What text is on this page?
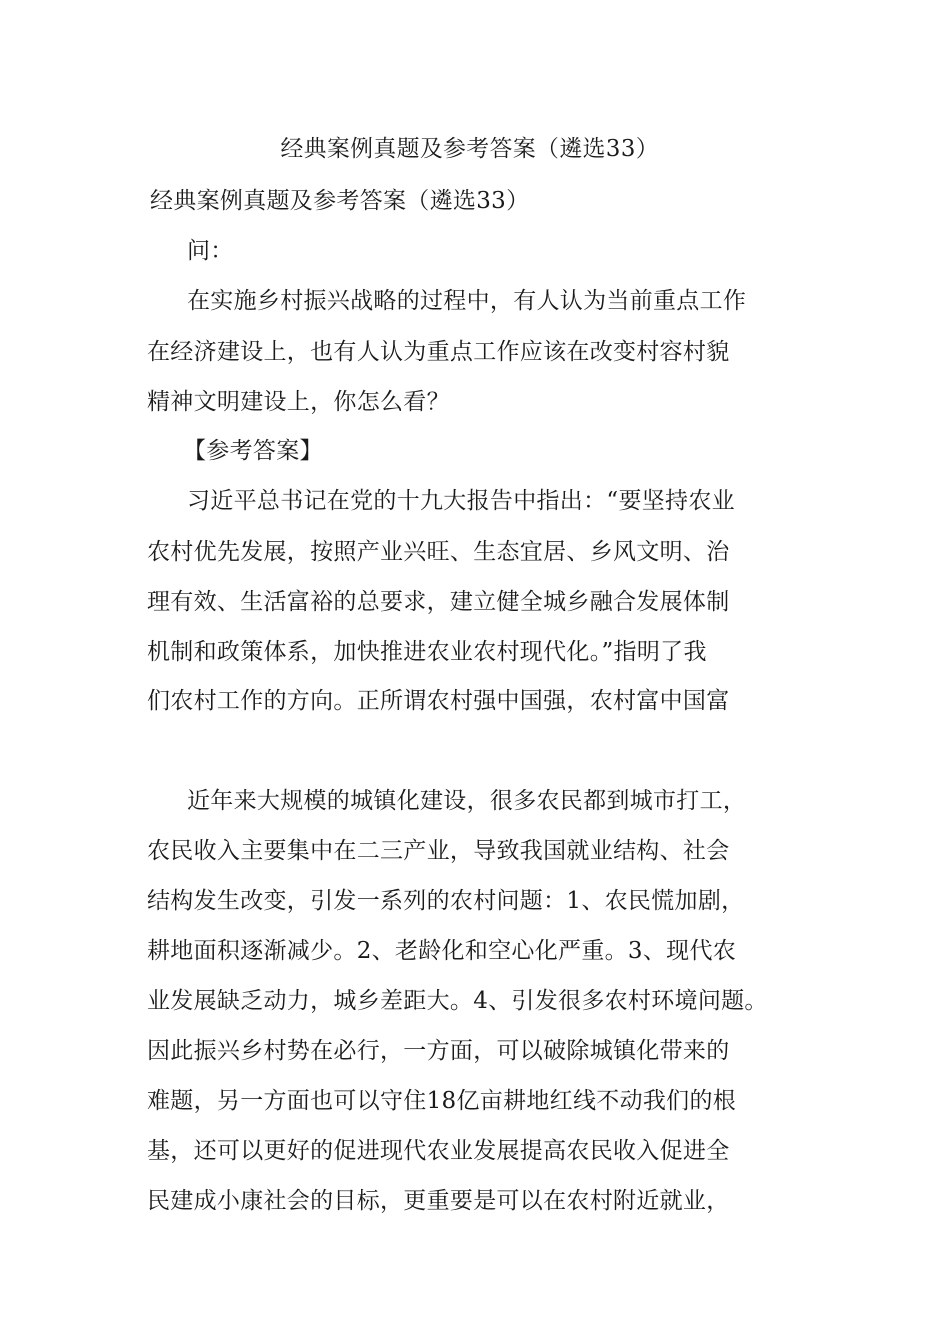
经典案例真题及参考答案（遴选33）
经典案例真题及参考答案（遴选33）
问：
在实施乡村振兴战略的过程中，有人认为当前重点工作
在经济建设上，也有人认为重点工作应该在改变村容村貌
精神文明建设上，你怎么看？
【参考答案】
习近平总书记在党的十九大报告中指出：“要坚持农业
农村优先发展，按照产业兴旺、生态宜居、乡风文明、治
理有效、生活富裕的总要求，建立健全城乡融合发展体制
机制和政策体系，加快推进农业农村现代化。”指明了我
们农村工作的方向。正所谓农村强中国强，农村富中国富
近年来大规模的城镇化建设，很多农民都到城市打工，
农民收入主要集中在二三产业，导致我国就业结构、社会
结构发生改变，引发一系列的农村问题：1、农民慌加剧，
耕地面积逐渐减少。2、老龄化和空心化严重。3、现代农
业发展缺乏动力，城乡差距大。4、引发很多农村环境问题。
因此振兴乡村势在必行，一方面，可以破除城镇化带来的
难题，另一方面也可以守住18亿亩耕地红线不动我们的根
基，还可以更好的促进现代农业发展提高农民收入促进全
民建成小康社会的目标，更重要是可以在农村附近就业，
